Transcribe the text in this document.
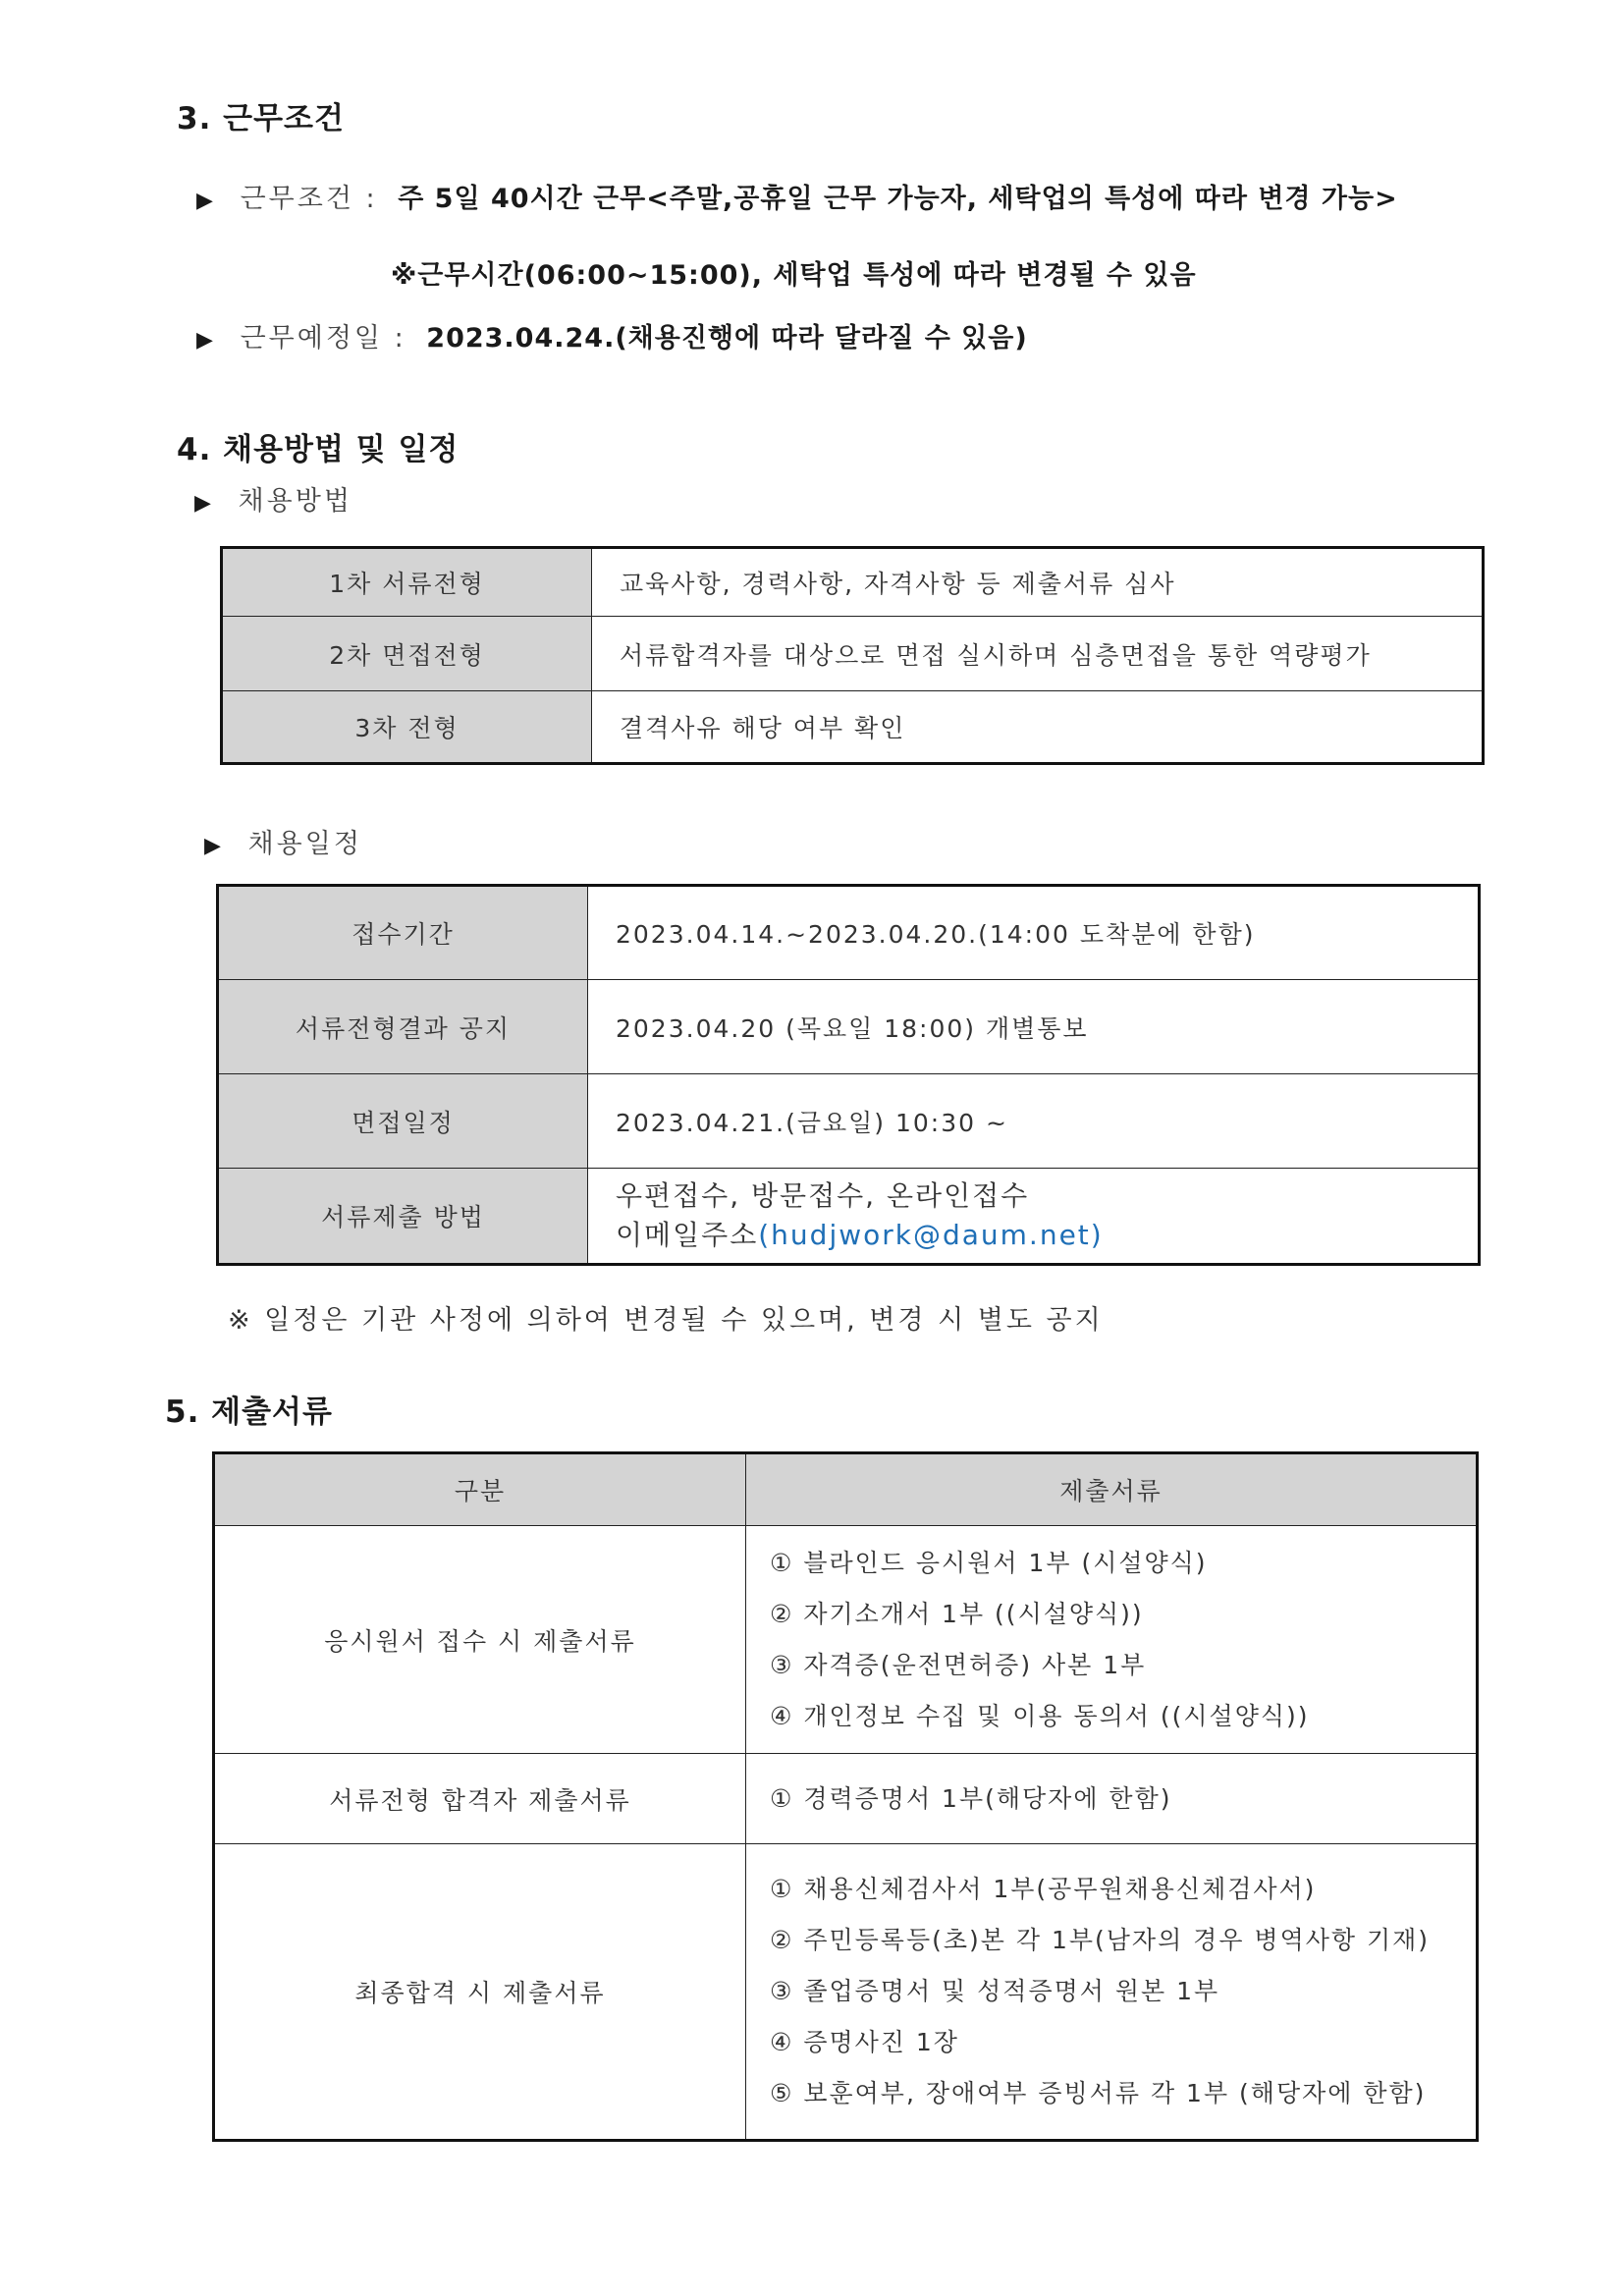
3. 근무조건
▶ 근무조건 : 주 5일 40시간 근무<주말,공휴일 근무 가능자, 세탁업의 특성에 따라 변경 가능>
※근무시간(06:00~15:00), 세탁업 특성에 따라 변경될 수 있음
▶ 근무예정일 : 2023.04.24.(채용진행에 따라 달라질 수 있음)
4. 채용방법 및 일정
▶ 채용방법
1차 서류전형	교육사항, 경력사항, 자격사항 등 제출서류 심사
2차 면접전형	서류합격자를 대상으로 면접 실시하며 심층면접을 통한 역량평가
3차 전형	결격사유 해당 여부 확인
▶ 채용일정
접수기간	2023.04.14.~2023.04.20.(14:00 도착분에 한함)
서류전형결과 공지	2023.04.20 (목요일 18:00) 개별통보
면접일정	2023.04.21.(금요일) 10:30 ~
서류제출 방법	우편접수, 방문접수, 온라인접수
이메일주소(hudjwork@daum.net)
※ 일정은 기관 사정에 의하여 변경될 수 있으며, 변경 시 별도 공지
5. 제출서류
구분	제출서류
응시원서 접수 시 제출서류	① 블라인드 응시원서 1부 (시설양식)
② 자기소개서 1부 ((시설양식))
③ 자격증(운전면허증) 사본 1부
④ 개인정보 수집 및 이용 동의서 ((시설양식))

서류전형 합격자 제출서류	① 경력증명서 1부(해당자에 한함)

최종합격 시 제출서류	① 채용신체검사서 1부(공무원채용신체검사서)
② 주민등록등(초)본 각 1부(남자의 경우 병역사항 기재)
③ 졸업증명서 및 성적증명서 원본 1부
④ 증명사진 1장
⑤ 보훈여부, 장애여부 증빙서류 각 1부 (해당자에 한함)
